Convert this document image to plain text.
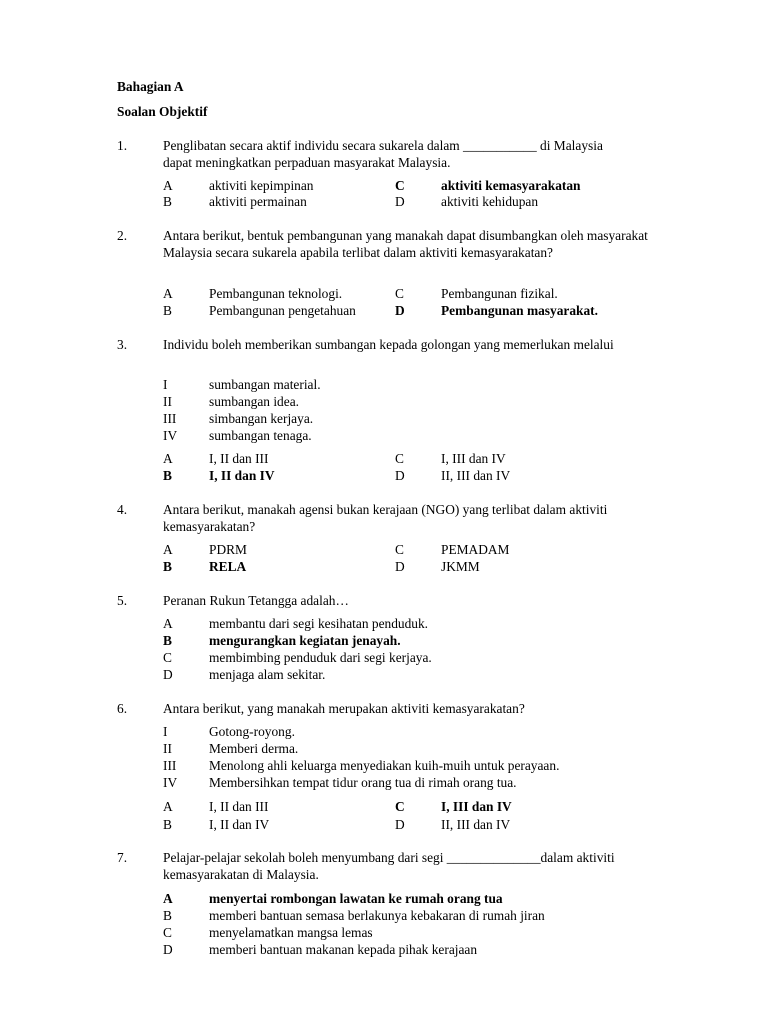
Bahagian A
Soalan Objektif
1.	Penglibatan secara aktif individu secara sukarela dalam ___________ di Malaysia dapat meningkatkan perpaduan masyarakat Malaysia.
A	aktiviti kepimpinan	C	aktiviti kemasyarakatan
B	aktiviti permainan	D	aktiviti kehidupan
2.	Antara berikut, bentuk pembangunan yang manakah dapat disumbangkan oleh masyarakat Malaysia secara sukarela apabila terlibat dalam aktiviti kemasyarakatan?
A	Pembangunan teknologi.	C	Pembangunan fizikal.
B	Pembangunan pengetahuan	D	Pembangunan masyarakat.
3.	Individu boleh memberikan sumbangan kepada golongan yang memerlukan melalui
I	sumbangan material.
II	sumbangan idea.
III simbangan kerjaya.
IV sumbangan tenaga.
A	I, II dan III	C	I, III dan IV
B	I, II dan IV	D	II, III dan IV
4.	Antara berikut, manakah agensi bukan kerajaan (NGO) yang terlibat dalam aktiviti kemasyarakatan?
A	PDRM	C	PEMADAM
B	RELA	D	JKMM
5.	Peranan Rukun Tetangga adalah…
A	membantu dari segi kesihatan penduduk.
B	mengurangkan kegiatan jenayah.
C	membimbing penduduk dari segi kerjaya.
D	menjaga alam sekitar.
6.	Antara berikut, yang manakah merupakan aktiviti kemasyarakatan?
I	Gotong-royong.
II	Memberi derma.
III Menolong ahli keluarga menyediakan kuih-muih untuk perayaan.
IV Membersihkan tempat tidur orang tua di rimah orang tua.
A	I, II dan III	C	I, III dan IV
B	I, II dan IV	D	II, III dan IV
7.	Pelajar-pelajar sekolah boleh menyumbang dari segi ______________dalam aktiviti kemasyarakatan di Malaysia.
A	menyertai rombongan lawatan ke rumah orang tua
B	memberi bantuan semasa berlakunya kebakaran di rumah jiran
C	menyelamatkan mangsa lemas
D	memberi bantuan makanan kepada pihak kerajaan
